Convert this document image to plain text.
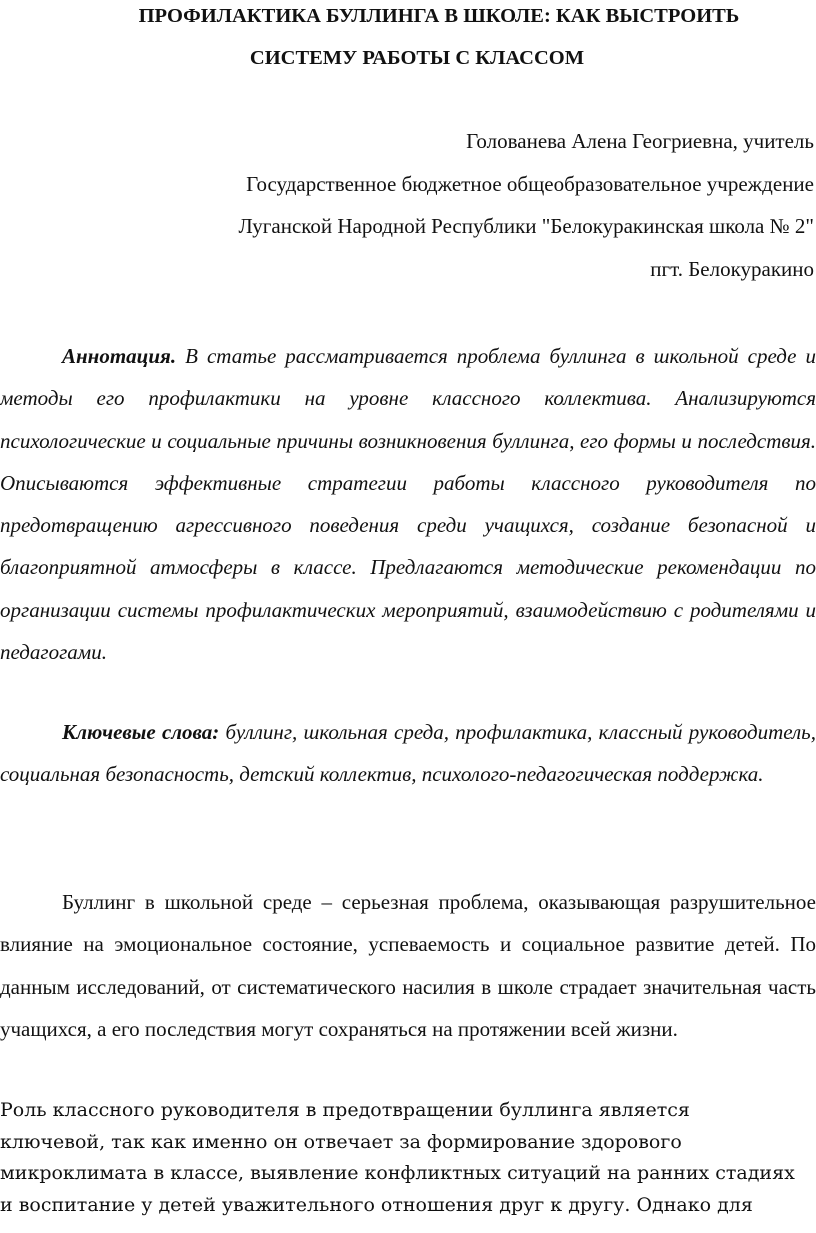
ПРОФИЛАКТИКА БУЛЛИНГА В ШКОЛЕ: КАК ВЫСТРОИТЬ
СИСТЕМУ РАБОТЫ С КЛАССОМ

Голованева Алена Геогриевна, учитель

Государственное бюджетное общеобразовательное учреждение

Луганской Народной Республики "Белокуракинская школа № 2"

пгт. Белокуракино

Аннотация. В статье рассматривается проблема буллинга в школьной среде и методы его профилактики на уровне классного коллектива. Анализируются психологические и социальные причины возникновения буллинга, его формы и последствия. Описываются эффективные стратегии работы классного руководителя по предотвращению агрессивного поведения среди учащихся, создание безопасной и благоприятной атмосферы в классе. Предлагаются методические рекомендации по организации системы профилактических мероприятий, взаимодействию с родителями и педагогами.

Ключевые слова: буллинг, школьная среда, профилактика, классный руководитель, социальная безопасность, детский коллектив, психолого-педагогическая поддержка.

Буллинг в школьной среде – серьезная проблема, оказывающая разрушительное влияние на эмоциональное состояние, успеваемость и социальное развитие детей. По данным исследований, от систематического насилия в школе страдает значительная часть учащихся, а его последствия могут сохраняться на протяжении всей жизни.

Роль классного руководителя в предотвращении буллинга является
ключевой, так как именно он отвечает за формирование здорового
микроклимата в классе, выявление конфликтных ситуаций на ранних стадиях
и воспитание у детей уважительного отношения друг к другу. Однако для
